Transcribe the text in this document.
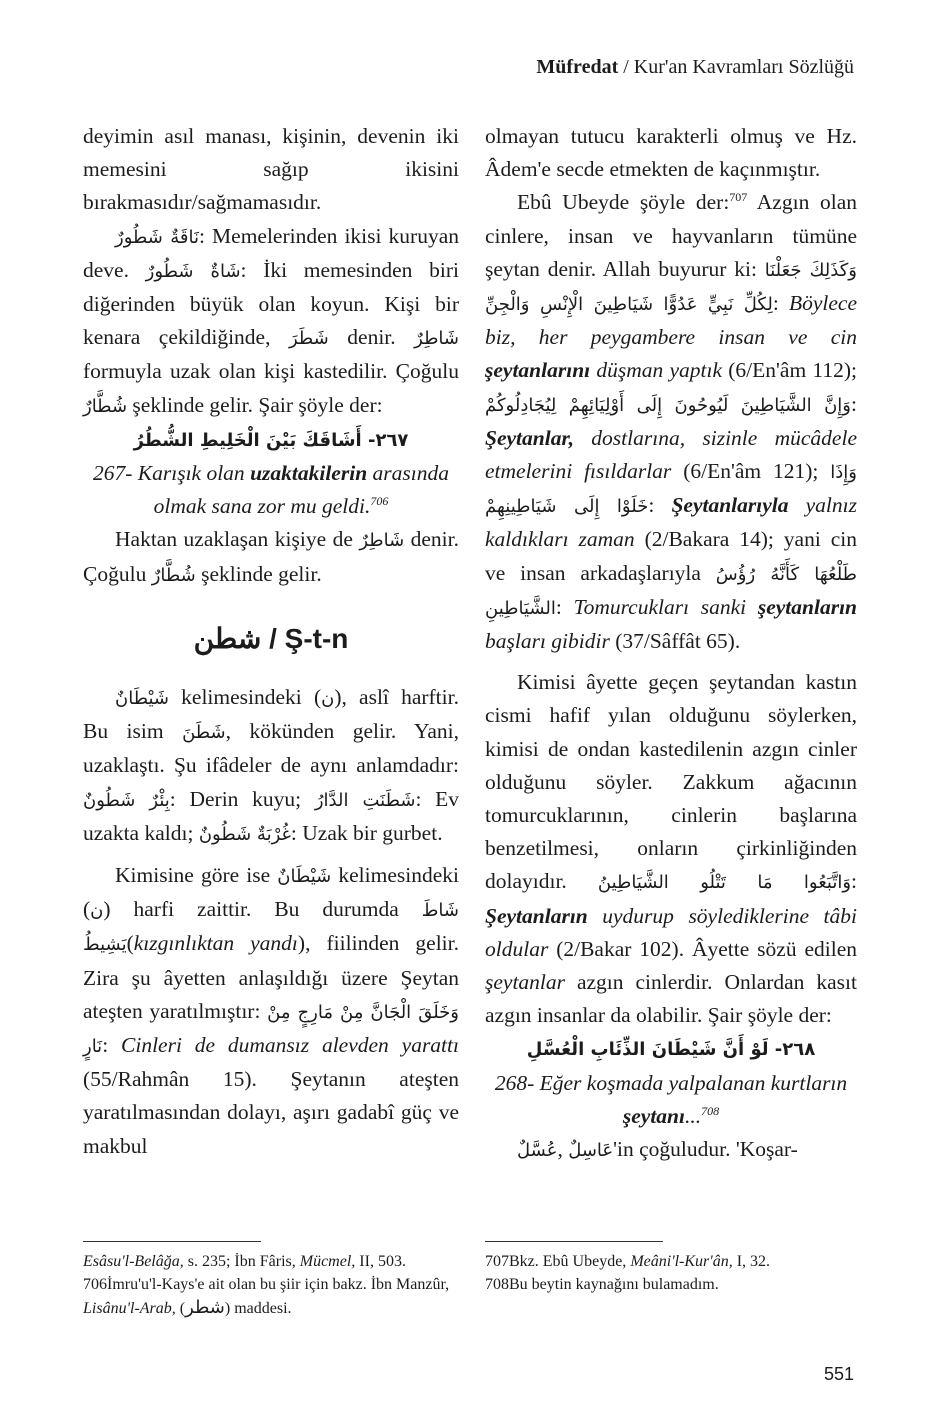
Müfredat / Kur'an Kavramları Sözlüğü

deyimin asıl manası, kişinin, devenin iki memesini sağıp ikisini bırakmasıdır/sağmamasıdır.

نَاقَةٌ شَطُورٌ: Memelerinden ikisi kuruyan deve. شَاةٌ شَطُورٌ: İki memesinden biri diğerinden büyük olan koyun. Kişi bir kenara çekildiğinde, شَطَرَ denir. شَاطِرٌ formuyla uzak olan kişi kastedilir. Çoğulu شُطَّارٌ şeklinde gelir. Şair şöyle der:

٢٦٧- أَشَاقَكَ بَيْنَ الْخَلِيطِ الشُّطُرُ

267- Karışık olan uzaktakilerin arasında olmak sana zor mu geldi.$^{706}$

Haktan uzaklaşan kişiye de شَاطِرٌ denir. Çoğulu شُطَّارٌ şeklinde gelir.

شطن / Ş-t-n

شَيْطَانٌ kelimesindeki (ن), aslî harftir. Bu isim شَطَنَ, kökünden gelir. Yani, uzaklaştı. Şu ifâdeler de aynı anlamdadır: بِئْرٌ شَطُونٌ: Derin kuyu; شَطَنَتِ الدَّارُ: Ev uzakta kaldı; غُرْبَةٌ شَطُونٌ: Uzak bir gurbet.

Kimisine göre ise شَيْطَانٌ kelimesindeki (ن) harfi zaittir. Bu durumda شَاطَ يَشِيطُ(kızgınlıktan yandı), fiilinden gelir. Zira şu âyetten anlaşıldığı üzere Şeytan ateşten yaratılmıştır: وَخَلَقَ الْجَانَّ مِنْ مَارِجٍ مِنْ نَارٍ: Cinleri de dumansız alevden yarattı (55/Rahmân 15). Şeytanın ateşten yaratılmasından dolayı, aşırı gadabî güç ve makbul

olmayan tutucu karakterli olmuş ve Hz. Âdem'e secde etmekten de kaçınmıştır.

Ebû Ubeyde şöyle der:$^{707}$ Azgın olan cinlere, insan ve hayvanların tümüne şeytan denir. Allah buyurur ki: وَكَذَلِكَ جَعَلْنَا لِكُلِّ نَبِيٍّ عَدُوًّا شَيَاطِينَ الْإِنْسِ وَالْجِنِّ: Böylece biz, her peygambere insan ve cin şeytanlarını düşman yaptık (6/En'âm 112); وَإِنَّ الشَّيَاطِينَ لَيُوحُونَ إِلَى أَوْلِيَائِهِمْ لِيُجَادِلُوكُمْ: Şeytanlar, dostlarına, sizinle mücâdele etmelerini fısıldarlar (6/En'âm 121); وَإِذَا خَلَوْا إِلَى شَيَاطِينِهِمْ: Şeytanlarıyla yalnız kaldıkları zaman (2/Bakara 14); yani cin ve insan arkadaşlarıyla طَلْعُهَا كَأَنَّهُ رُؤُسُ الشَّيَاطِينِ: Tomurcukları sanki şeytanların başları gibidir (37/Sâffât 65).

Kimisi âyette geçen şeytandan kastın cismi hafif yılan olduğunu söylerken, kimisi de ondan kastedilenin azgın cinler olduğunu söyler. Zakkum ağacının tomurcuklarının, cinlerin başlarına benzetilmesi, onların çirkinliğinden dolayıdır. وَاتَّبَعُوا مَا تَتْلُو الشَّيَاطِينُ: Şeytanların uydurup söylediklerine tâbi oldular (2/Bakar 102). Âyette sözü edilen şeytanlar azgın cinlerdir. Onlardan kasıt azgın insanlar da olabilir. Şair şöyle der:

٢٦٨- لَوْ أَنَّ شَيْطَانَ الذِّئَابِ الْعُسَّلِ

268- Eğer koşmada yalpalanan kurtların şeytanı...$^{708}$

عُسَّلٌ, عَاسِلٌ'in çoğuludur. 'Koşar-

Esâsu'l-Belâğa, s. 235; İbn Fâris, Mücmel, II, 503.

706İmru'u'l-Kays'e ait olan bu şiir için bakz. İbn Manzûr, Lisânu'l-Arab, (شطر) maddesi.

707Bkz. Ebû Ubeyde, Meâni'l-Kur'ân, I, 32.

708Bu beytin kaynağını bulamadım.

551
